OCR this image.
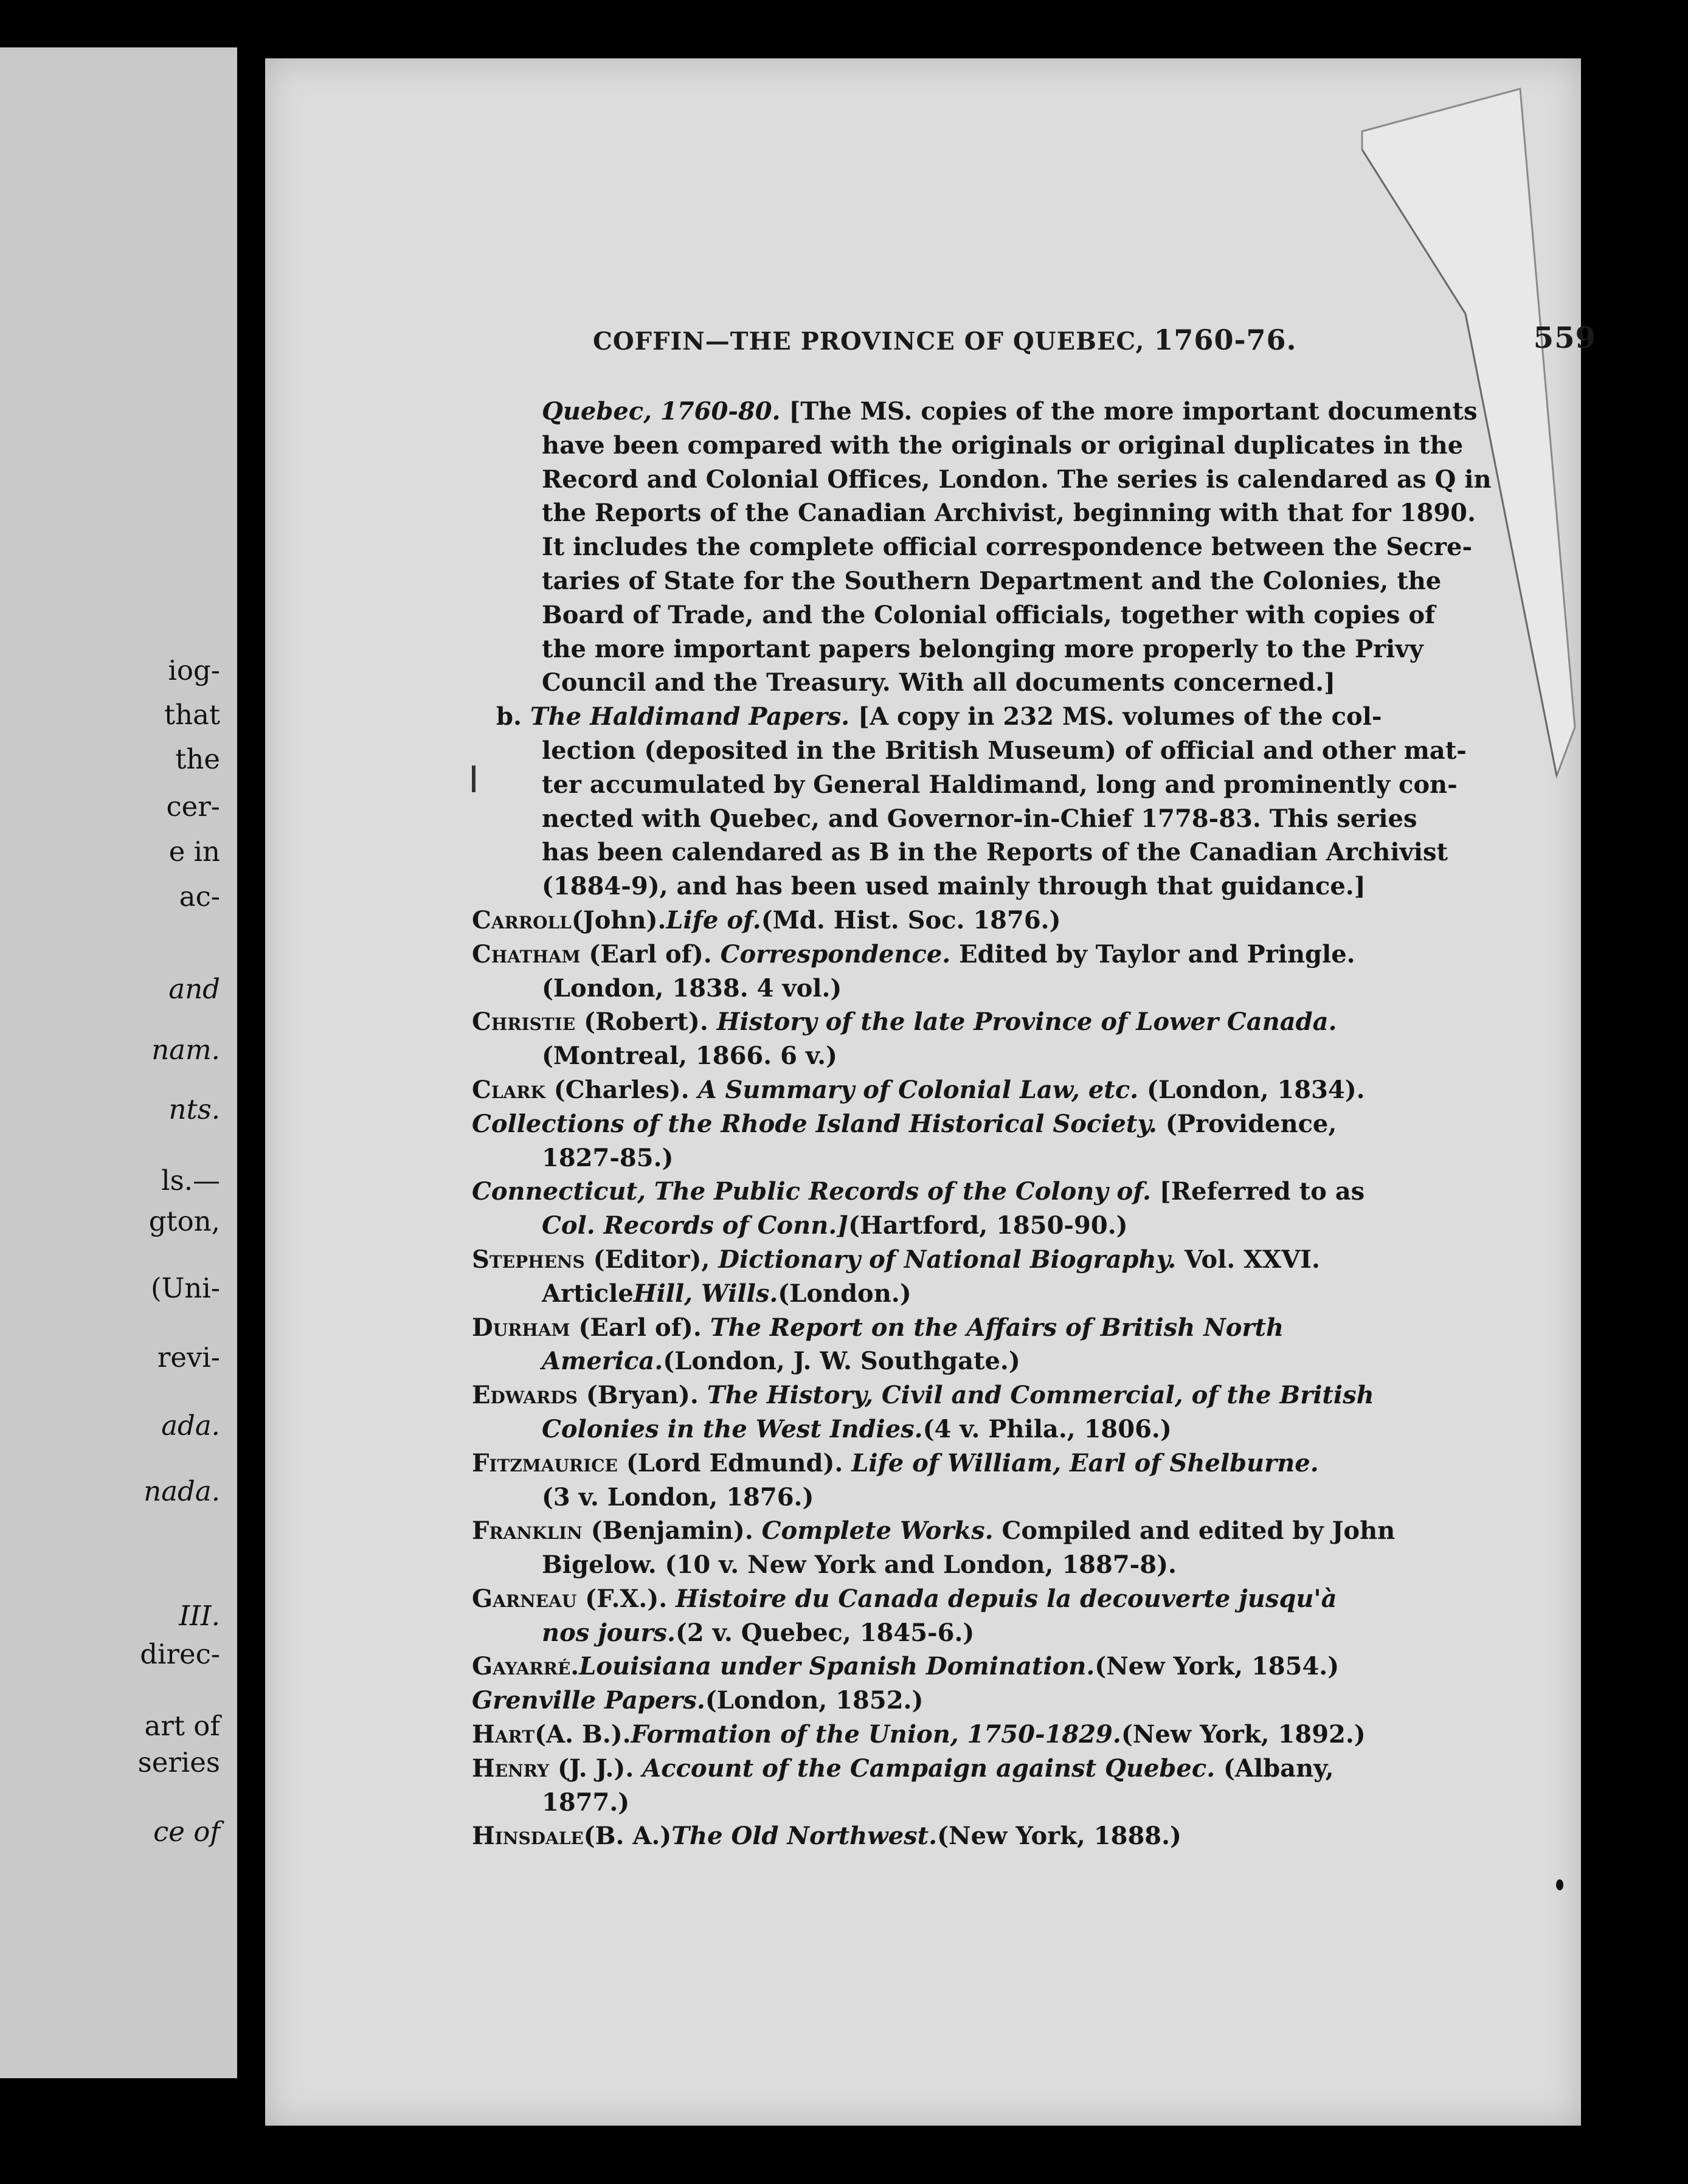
iog-
that
the
cer-
e in
ac-
and
nam.
nts.
ls.—
gton,
(Uni-
revi-
ada.
nada.
III.
direc-
art of
series
ce of
COFFIN—THE PROVINCE OF QUEBEC, 1760-76.	559
Quebec, 1760-80. [The MS. copies of the more important documents
have been compared with the originals or original duplicates in the
Record and Colonial Offices, London. The series is calendared as Q in
the Reports of the Canadian Archivist, beginning with that for 1890.
It includes the complete official correspondence between the Secre-
taries of State for the Southern Department and the Colonies, the
Board of Trade, and the Colonial officials, together with copies of
the more important papers belonging more properly to the Privy
Council and the Treasury. With all documents concerned.]
b. The Haldimand Papers. [A copy in 232 MS. volumes of the col-
lection (deposited in the British Museum) of official and other mat-
ter accumulated by General Haldimand, long and prominently con-
nected with Quebec, and Governor-in-Chief 1778-83. This series
has been calendared as B in the Reports of the Canadian Archivist
(1884-9), and has been used mainly through that guidance.]
Carroll (John). Life of. (Md. Hist. Soc. 1876.)
Chatham (Earl of). Correspondence. Edited by Taylor and Pringle.
(London, 1838. 4 vol.)
Christie (Robert). History of the late Province of Lower Canada.
(Montreal, 1866. 6 v.)
Clark (Charles). A Summary of Colonial Law, etc. (London, 1834).
Collections of the Rhode Island Historical Society. (Providence,
1827-85.)
Connecticut, The Public Records of the Colony of. [Referred to as
Col. Records of Conn.] (Hartford, 1850-90.)
Stephens (Editor), Dictionary of National Biography. Vol. XXVI.
Article Hill, Wills. (London.)
Durham (Earl of). The Report on the Affairs of British North
America. (London, J. W. Southgate.)
Edwards (Bryan). The History, Civil and Commercial, of the British
Colonies in the West Indies. (4 v. Phila., 1806.)
Fitzmaurice (Lord Edmund). Life of William, Earl of Shelburne.
(3 v. London, 1876.)
Franklin (Benjamin). Complete Works. Compiled and edited by John
Bigelow. (10 v. New York and London, 1887-8).
Garneau (F.X.). Histoire du Canada depuis la decouverte jusqu'à
nos jours. (2 v. Quebec, 1845-6.)
Gayarré . Louisiana under Spanish Domination. (New York, 1854.)
Grenville Papers. (London, 1852.)
Hart (A. B.). Formation of the Union, 1750-1829. (New York, 1892.)
Henry (J. J.). Account of the Campaign against Quebec. (Albany,
1877.)
Hinsdale (B. A.) The Old Northwest. (New York, 1888.)
